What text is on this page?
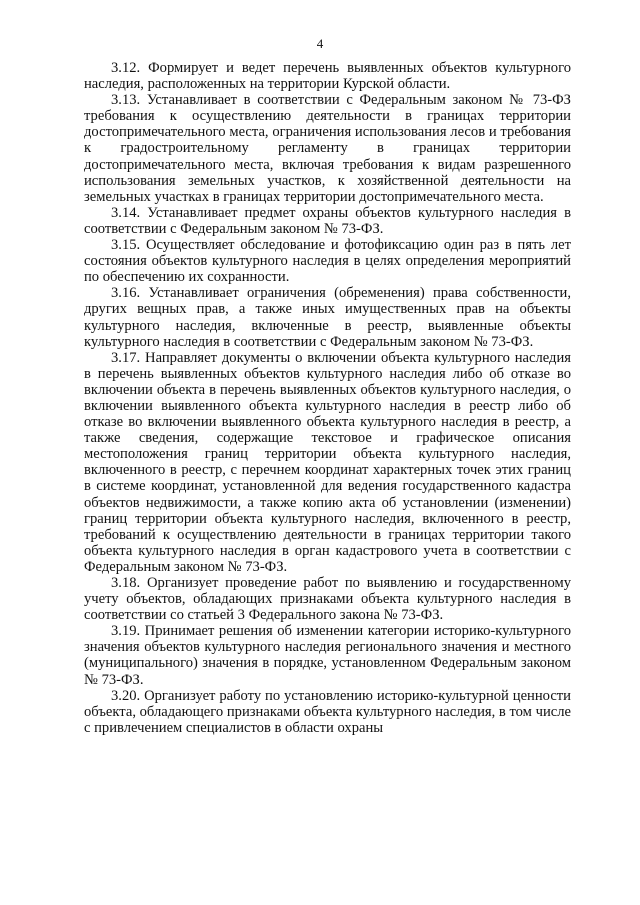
4

3.12. Формирует и ведет перечень выявленных объектов культурного наследия, расположенных на территории Курской области.

3.13. Устанавливает в соответствии с Федеральным законом № 73-ФЗ требования к осуществлению деятельности в границах территории достопримечательного места, ограничения использования лесов и требования к градостроительному регламенту в границах территории достопримечательного места, включая требования к видам разрешенного использования земельных участков, к хозяйственной деятельности на земельных участках в границах территории достопримечательного места.

3.14. Устанавливает предмет охраны объектов культурного наследия в соответствии с Федеральным законом № 73-ФЗ.

3.15. Осуществляет обследование и фотофиксацию один раз в пять лет состояния объектов культурного наследия в целях определения мероприятий по обеспечению их сохранности.

3.16. Устанавливает ограничения (обременения) права собственности, других вещных прав, а также иных имущественных прав на объекты культурного наследия, включенные в реестр, выявленные объекты культурного наследия в соответствии с Федеральным законом № 73-ФЗ.

3.17. Направляет документы о включении объекта культурного наследия в перечень выявленных объектов культурного наследия либо об отказе во включении объекта в перечень выявленных объектов культурного наследия, о включении выявленного объекта культурного наследия в реестр либо об отказе во включении выявленного объекта культурного наследия в реестр, а также сведения, содержащие текстовое и графическое описания местоположения границ территории объекта культурного наследия, включенного в реестр, с перечнем координат характерных точек этих границ в системе координат, установленной для ведения государственного кадастра объектов недвижимости, а также копию акта об установлении (изменении) границ территории объекта культурного наследия, включенного в реестр, требований к осуществлению деятельности в границах территории такого объекта культурного наследия в орган кадастрового учета в соответствии с Федеральным законом № 73-ФЗ.

3.18. Организует проведение работ по выявлению и государственному учету объектов, обладающих признаками объекта культурного наследия в соответствии со статьей 3 Федерального закона № 73-ФЗ.

3.19. Принимает решения об изменении категории историко-культурного значения объектов культурного наследия регионального значения и местного (муниципального) значения в порядке, установленном Федеральным законом № 73-ФЗ.

3.20. Организует работу по установлению историко-культурной ценности объекта, обладающего признаками объекта культурного наследия, в том числе с привлечением специалистов в области охраны
